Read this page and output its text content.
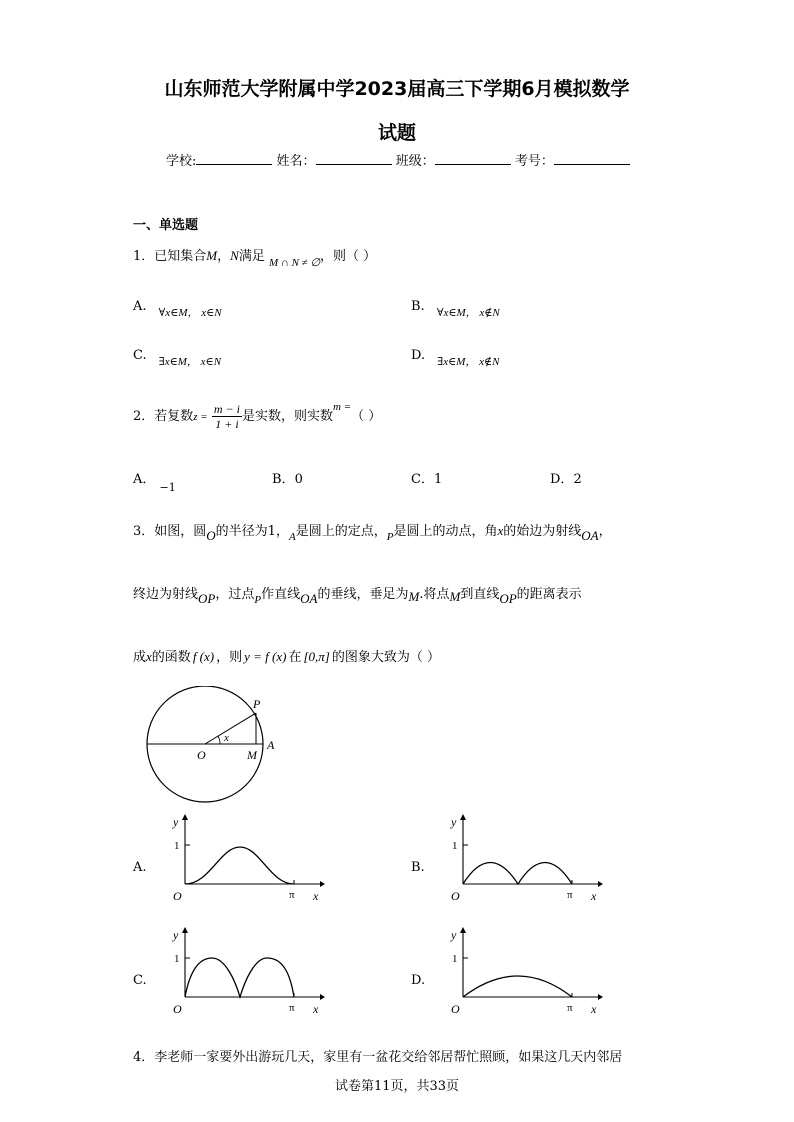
山东师范大学附属中学2023届高三下学期6月模拟数学
试题
学校:	姓名：	班级：	考号：
一、单选题
1．已知集合M，N满足 $_{M \cap N \ne \emptyset}$，则（ ）
A. $_{\forall x\in M, x\in N}$	B. $_{\forall x\in M, x\notin N}$
C. $_{\exists x\in M, x\in N}$	D. $_{\exists x\in M, x\notin N}$
2．若复数$z = \frac{m - i}{1 + i}$ 是实数，则实数$^{m =}$（ ）
A． $_{-1}$
B．0	C．1	D．2
3．如图，圆O的半径为1，$_A$是圆上的定点，$_P$是圆上的动点，角x的始边为射线OA，
终边为射线OP，过点$_P$作直线OA的垂线，垂足为M.将点M到直线OP的距离表示
成x的函数 f (x) ，则 y = f (x) 在 [0,π] 的图象大致为（ ）
P
O
x
M
A
A.	B.
C.	D.
y
1
O	π x
y
1
O	π x
y
1
O	π x
y
1
O	π x
4．李老师一家要外出游玩几天，家里有一盆花交给邻居帮忙照顾，如果这几天内邻居
试卷第11页，共33页
